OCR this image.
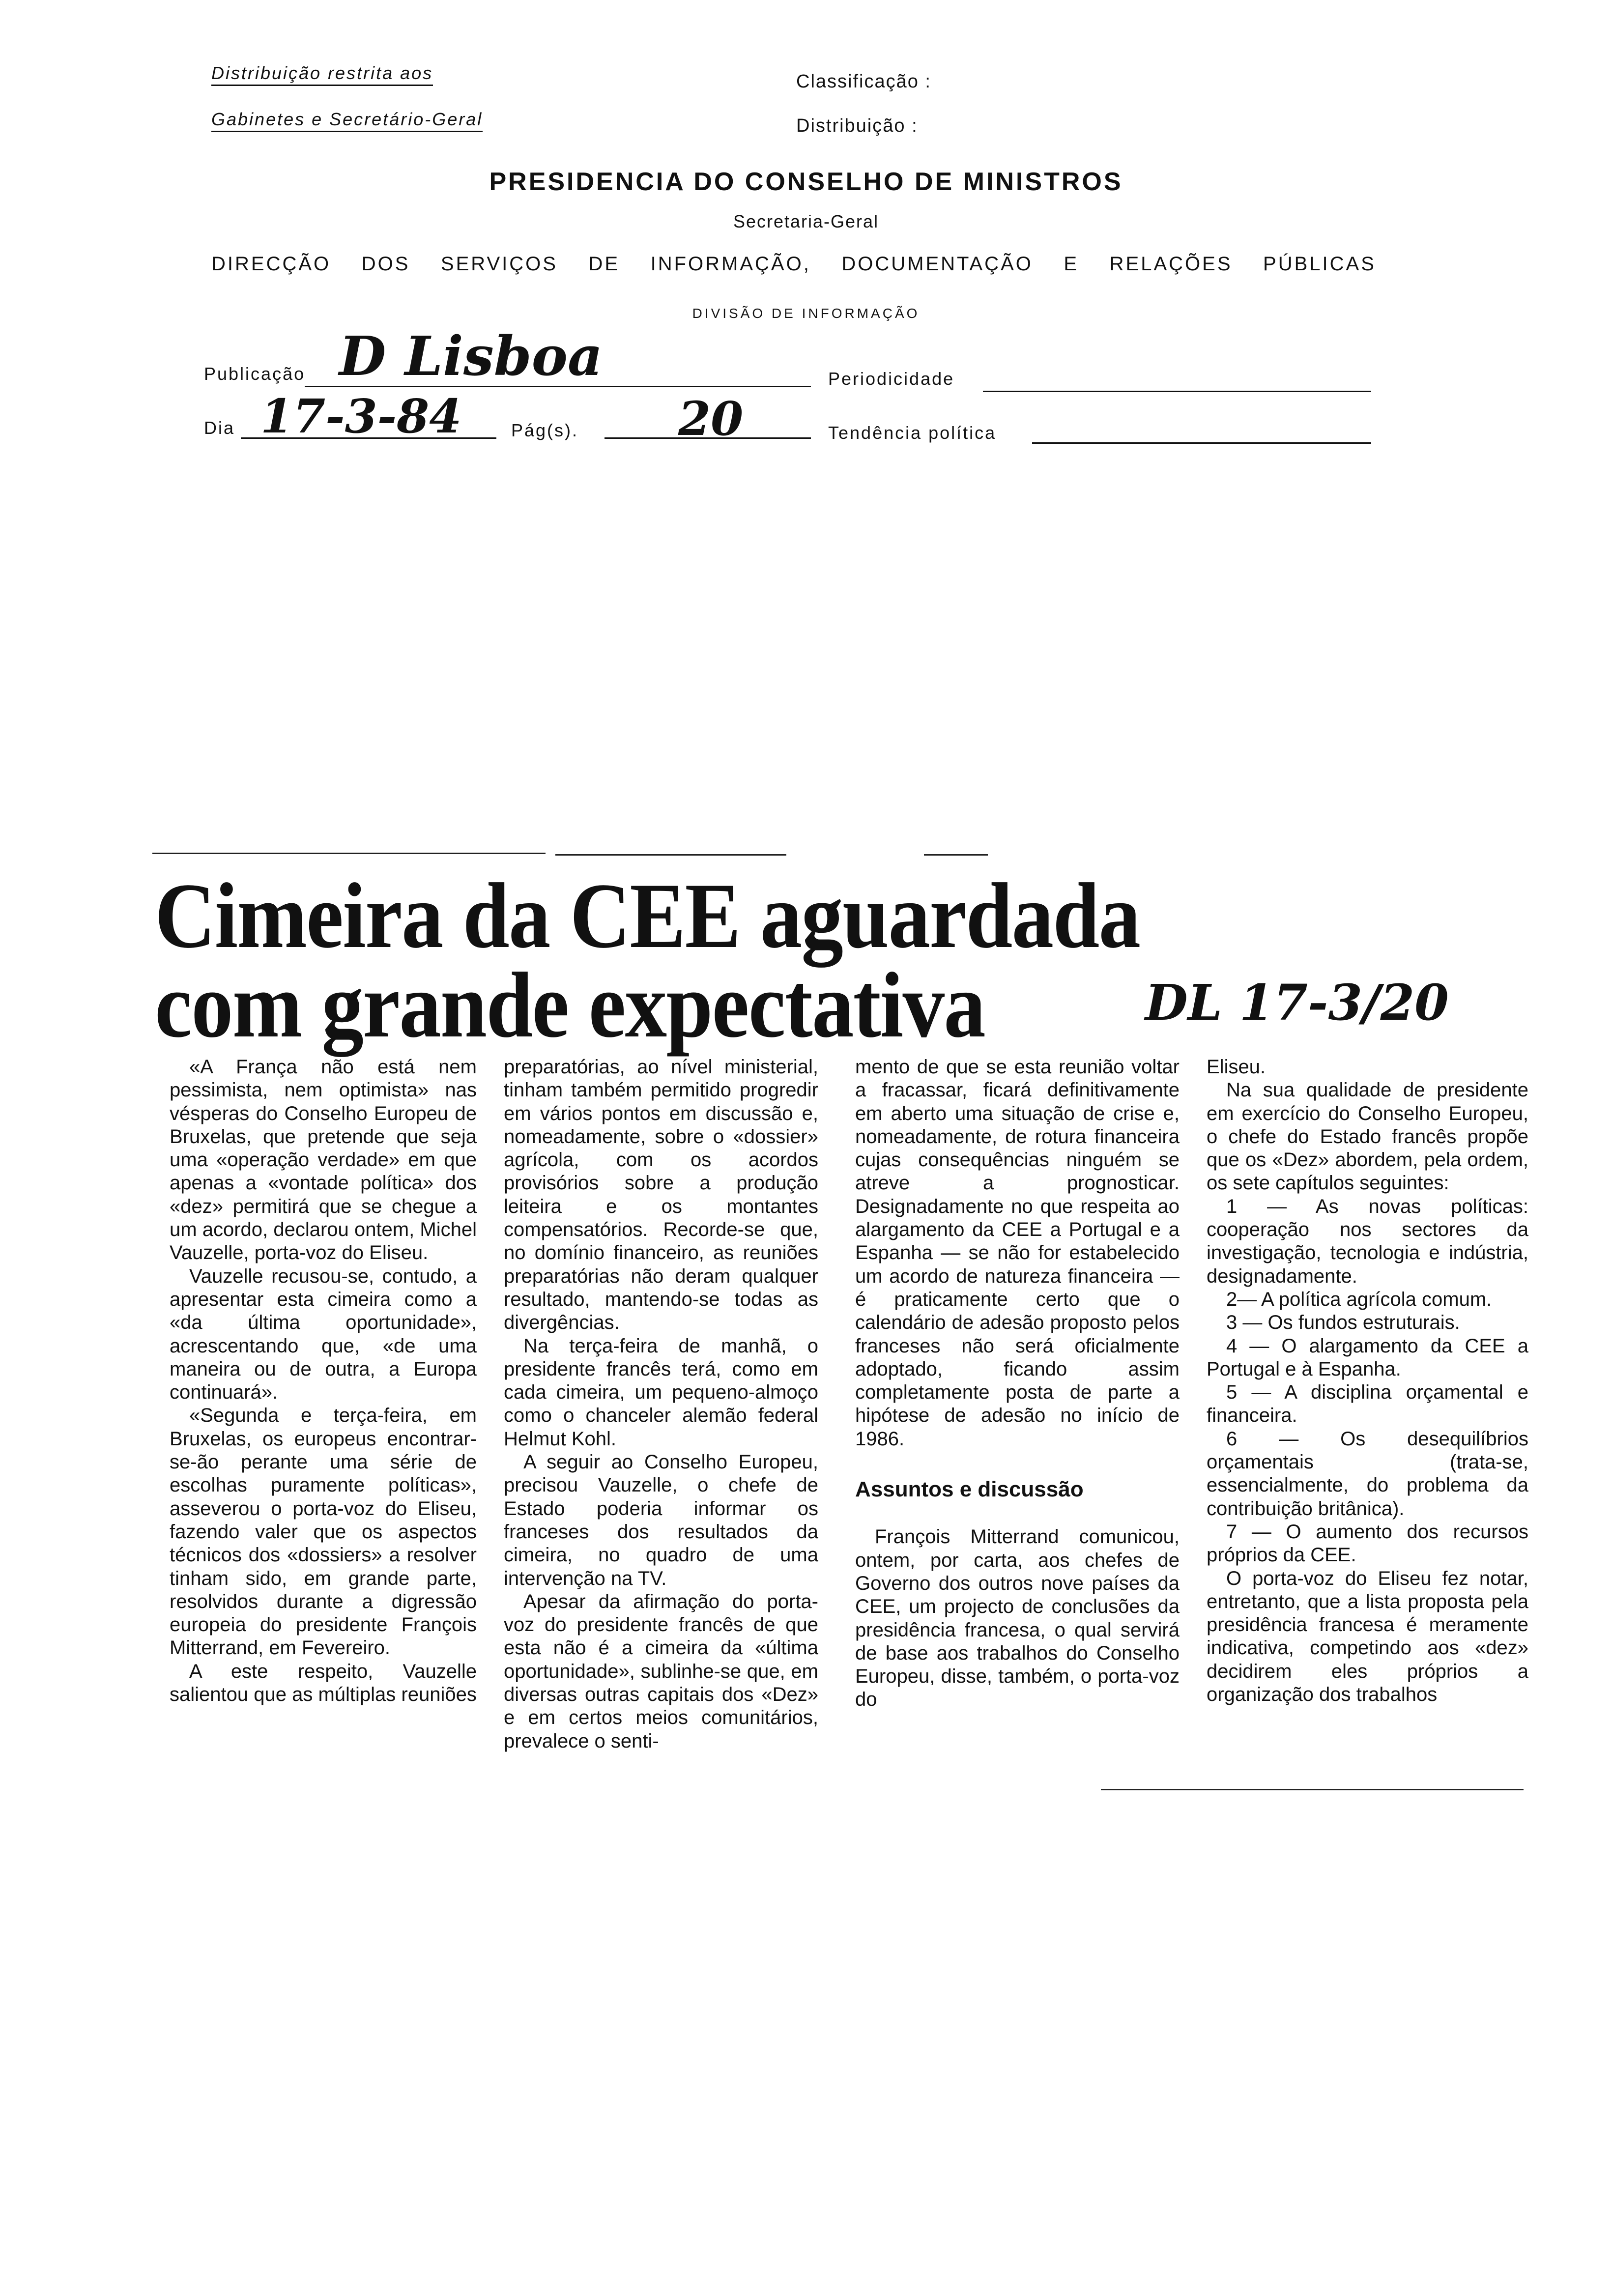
Distribuição restrita aos
Gabinetes e Secretário-Geral
Classificação :
Distribuição :
PRESIDENCIA DO CONSELHO DE MINISTROS
Secretaria-Geral
DIRECÇÃO DOS SERVIÇOS DE INFORMAÇÃO, DOCUMENTAÇÃO E RELAÇÕES PÚBLICAS
DIVISÃO DE INFORMAÇÃO
Publicação D Lisboa	Periodicidade
Dia 17-3-84	Pág(s). 20	Tendência política
Cimeira da CEE aguardada
com grande expectativa	DL 17-3/20

«A França não está nem pessimista, nem optimista» nas vésperas do Conselho Europeu de Bruxelas, que pretende que seja uma «operação verdade» em que apenas a «vontade política» dos «dez» permitirá que se chegue a um acordo, declarou ontem, Michel Vauzelle, porta-voz do Eliseu.

Vauzelle recusou-se, contudo, a apresentar esta cimeira como a «da última oportunidade», acrescentando que, «de uma maneira ou de outra, a Europa continuará».

«Segunda e terça-feira, em Bruxelas, os europeus encontrar-se-ão perante uma série de escolhas puramente políticas», asseverou o porta-voz do Eliseu, fazendo valer que os aspectos técnicos dos «dossiers» a resolver tinham sido, em grande parte, resolvidos durante a digressão europeia do presidente François Mitterrand, em Fevereiro.

A este respeito, Vauzelle salientou que as múltiplas reuniões

preparatórias, ao nível ministerial, tinham também permitido progredir em vários pontos em discussão e, nomeadamente, sobre o «dossier» agrícola, com os acordos provisórios sobre a produção leiteira e os montantes compensatórios. Recorde-se que, no domínio financeiro, as reuniões preparatórias não deram qualquer resultado, mantendo-se todas as divergências.

Na terça-feira de manhã, o presidente francês terá, como em cada cimeira, um pequeno-almoço como o chanceler alemão federal Helmut Kohl.

A seguir ao Conselho Europeu, precisou Vauzelle, o chefe de Estado poderia informar os franceses dos resultados da cimeira, no quadro de uma intervenção na TV.

Apesar da afirmação do porta-voz do presidente francês de que esta não é a cimeira da «última oportunidade», sublinhe-se que, em diversas outras capitais dos «Dez» e em certos meios comunitários, prevalece o senti-

mento de que se esta reunião voltar a fracassar, ficará definitivamente em aberto uma situação de crise e, nomeadamente, de rotura financeira cujas consequências ninguém se atreve a prognosticar. Designadamente no que respeita ao alargamento da CEE a Portugal e a Espanha — se não for estabelecido um acordo de natureza financeira — é praticamente certo que o calendário de adesão proposto pelos franceses não será oficialmente adoptado, ficando assim completamente posta de parte a hipótese de adesão no início de 1986.

Assuntos e discussão

François Mitterrand comunicou, ontem, por carta, aos chefes de Governo dos outros nove países da CEE, um projecto de conclusões da presidência francesa, o qual servirá de base aos trabalhos do Conselho Europeu, disse, também, o porta-voz do

Eliseu.

Na sua qualidade de presidente em exercício do Conselho Europeu, o chefe do Estado francês propõe que os «Dez» abordem, pela ordem, os sete capítulos seguintes:

1 — As novas políticas: cooperação nos sectores da investigação, tecnologia e indústria, designadamente.

2— A política agrícola comum.

3 — Os fundos estruturais.

4 — O alargamento da CEE a Portugal e à Espanha.

5 — A disciplina orçamental e financeira.

6 — Os desequilíbrios orçamentais (trata-se, essencialmente, do problema da contribuição britânica).

7 — O aumento dos recursos próprios da CEE.

O porta-voz do Eliseu fez notar, entretanto, que a lista proposta pela presidência francesa é meramente indicativa, competindo aos «dez» decidirem eles próprios a organização dos trabalhos
